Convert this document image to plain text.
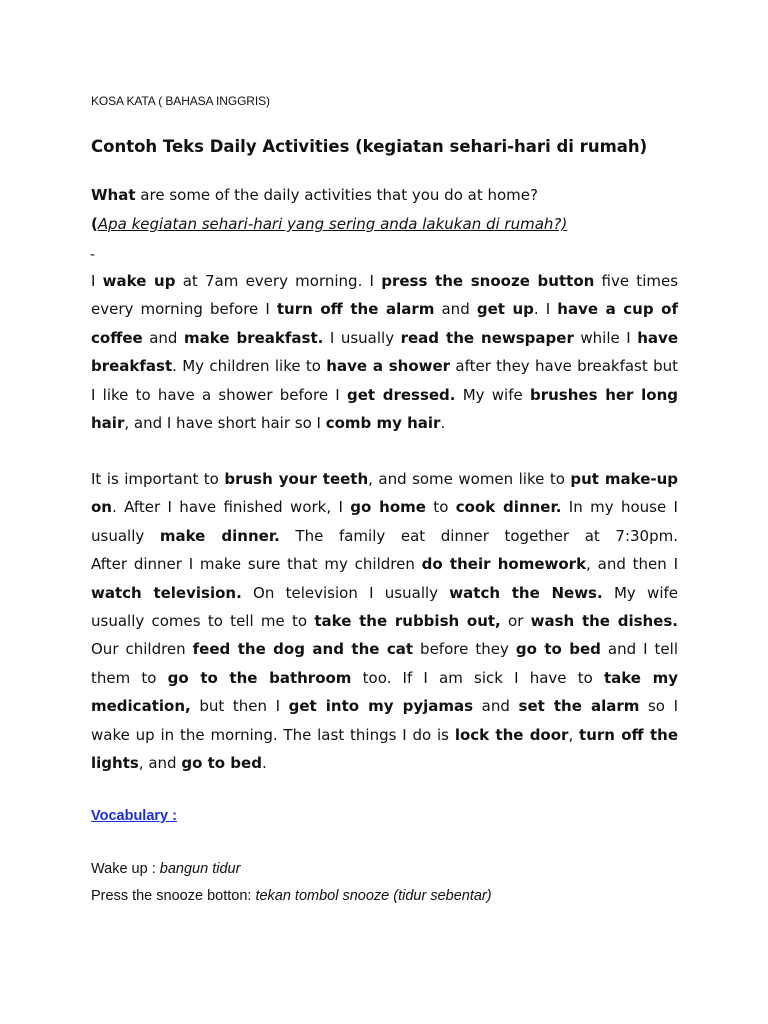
KOSA KATA ( BAHASA INGGRIS)
Contoh Teks Daily Activities (kegiatan sehari-hari di rumah)
What are some of the daily activities that you do at home?
(Apa kegiatan sehari-hari yang sering anda lakukan di rumah?)
-
I wake up at 7am every morning. I press the snooze button five times
every morning before I turn off the alarm and get up. I have a cup of
coffee and make breakfast. I usually read the newspaper while I have
breakfast. My children like to have a shower after they have breakfast but
I like to have a shower before I get dressed. My wife brushes her long
hair, and I have short hair so I comb my hair.
It is important to brush your teeth, and some women like to put make-up
on. After I have finished work, I go home to cook dinner. In my house I
usually make dinner. The family eat dinner together at 7:30pm.
After dinner I make sure that my children do their homework, and then I
watch television. On television I usually watch the News. My wife
usually comes to tell me to take the rubbish out, or wash the dishes.
Our children feed the dog and the cat before they go to bed and I tell
them to go to the bathroom too. If I am sick I have to take my
medication, but then I get into my pyjamas and set the alarm so I
wake up in the morning. The last things I do is lock the door, turn off the
lights, and go to bed.
Vocabulary :
Wake up : bangun tidur
Press the snooze botton: tekan tombol snooze (tidur sebentar)
